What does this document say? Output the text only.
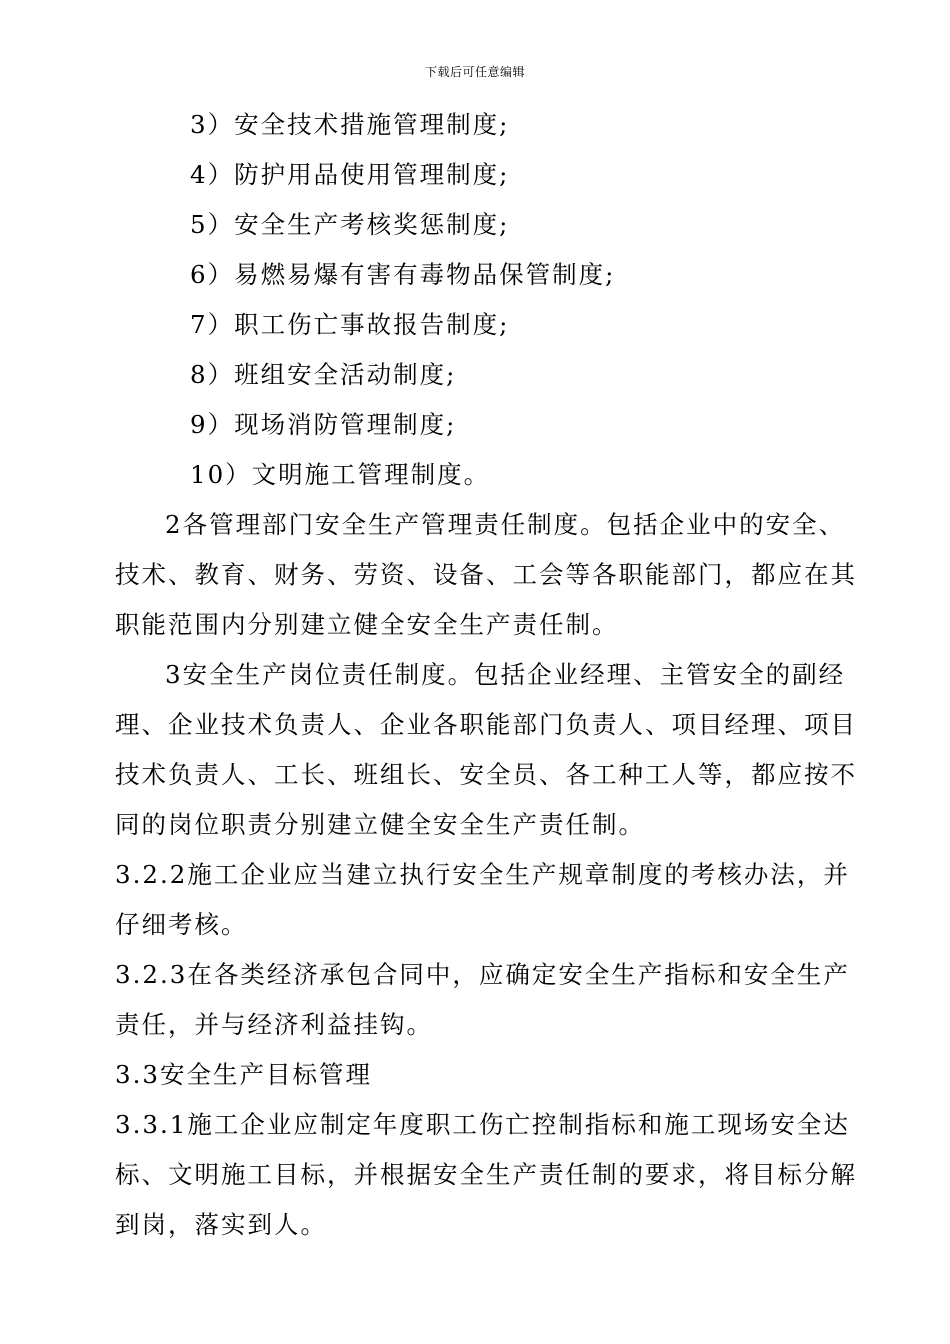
下载后可任意编辑

3）安全技术措施管理制度;

4）防护用品使用管理制度;

5）安全生产考核奖惩制度;

6）易燃易爆有害有毒物品保管制度;

7）职工伤亡事故报告制度;

8）班组安全活动制度;

9）现场消防管理制度;

10）文明施工管理制度。

2各管理部门安全生产管理责任制度。包括企业中的安全、

技术、教育、财务、劳资、设备、工会等各职能部门，都应在其

职能范围内分别建立健全安全生产责任制。

3安全生产岗位责任制度。包括企业经理、主管安全的副经

理、企业技术负责人、企业各职能部门负责人、项目经理、项目

技术负责人、工长、班组长、安全员、各工种工人等，都应按不

同的岗位职责分别建立健全安全生产责任制。

3.2.2施工企业应当建立执行安全生产规章制度的考核办法，并

仔细考核。

3.2.3在各类经济承包合同中，应确定安全生产指标和安全生产

责任，并与经济利益挂钩。

3.3安全生产目标管理

3.3.1施工企业应制定年度职工伤亡控制指标和施工现场安全达

标、文明施工目标，并根据安全生产责任制的要求，将目标分解

到岗，落实到人。
